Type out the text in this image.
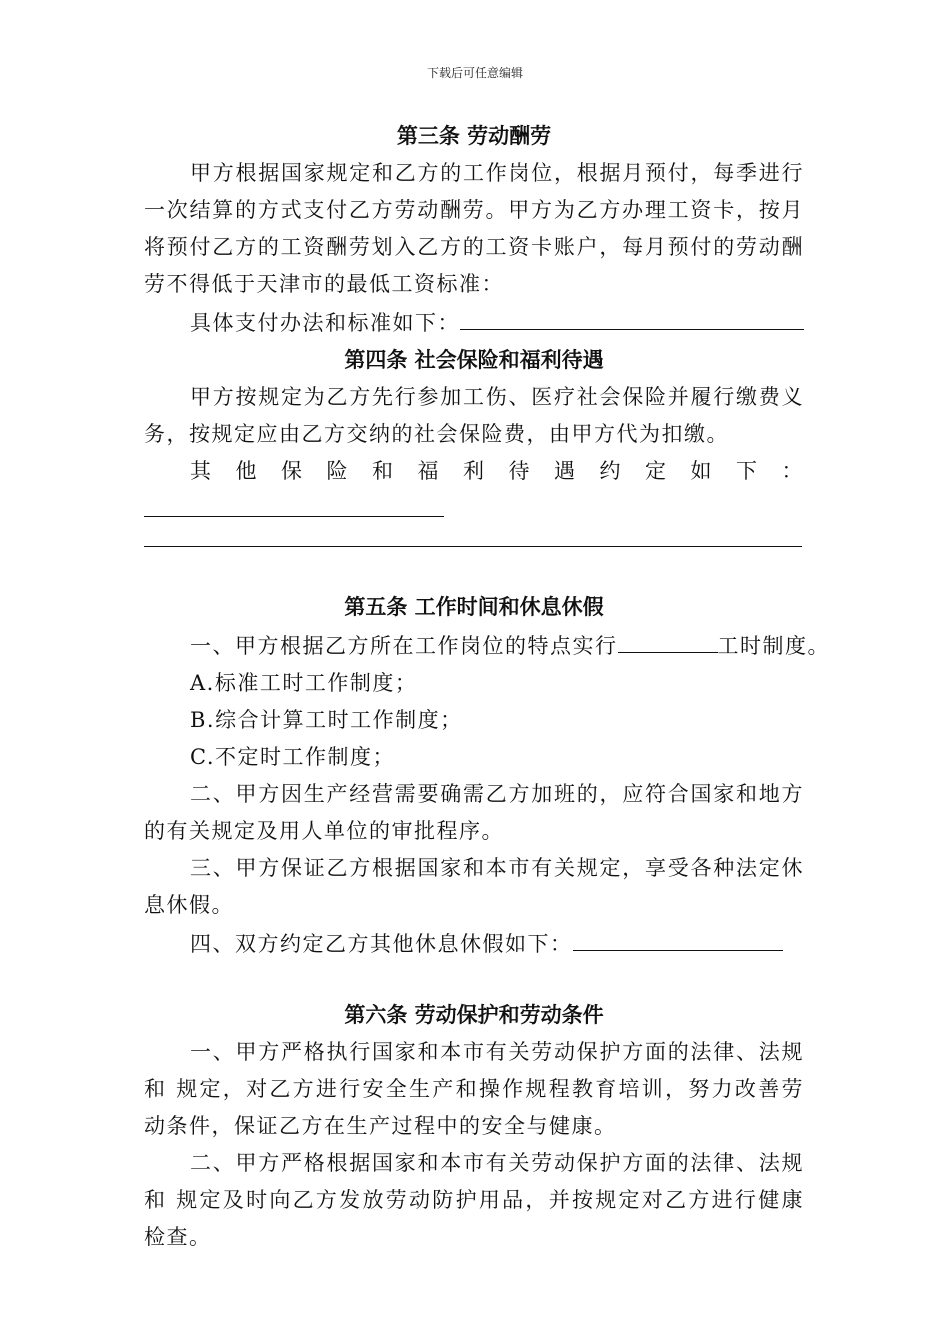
下载后可任意编辑
第三条 劳动酬劳

甲方根据国家规定和乙方的工作岗位，根据月预付，每季进行一次结算的方式支付乙方劳动酬劳。甲方为乙方办理工资卡，按月将预付乙方的工资酬劳划入乙方的工资卡账户，每月预付的劳动酬劳不得低于天津市的最低工资标准：

具体支付办法和标准如下：

第四条 社会保险和福利待遇

甲方按规定为乙方先行参加工伤、医疗社会保险并履行缴费义务，按规定应由乙方交纳的社会保险费，由甲方代为扣缴。

其他保险和福利待遇约定如下：

第五条 工作时间和休息休假

一、甲方根据乙方所在工作岗位的特点实行	工时制度。

A.标准工时工作制度；

B.综合计算工时工作制度；

C.不定时工作制度；

二、甲方因生产经营需要确需乙方加班的，应符合国家和地方的有关规定及用人单位的审批程序。

三、甲方保证乙方根据国家和本市有关规定，享受各种法定休息休假。

四、双方约定乙方其他休息休假如下：

第六条 劳动保护和劳动条件

一、甲方严格执行国家和本市有关劳动保护方面的法律、法规和 规定，对乙方进行安全生产和操作规程教育培训，努力改善劳动条件，保证乙方在生产过程中的安全与健康。

二、甲方严格根据国家和本市有关劳动保护方面的法律、法规和 规定及时向乙方发放劳动防护用品，并按规定对乙方进行健康检查。
